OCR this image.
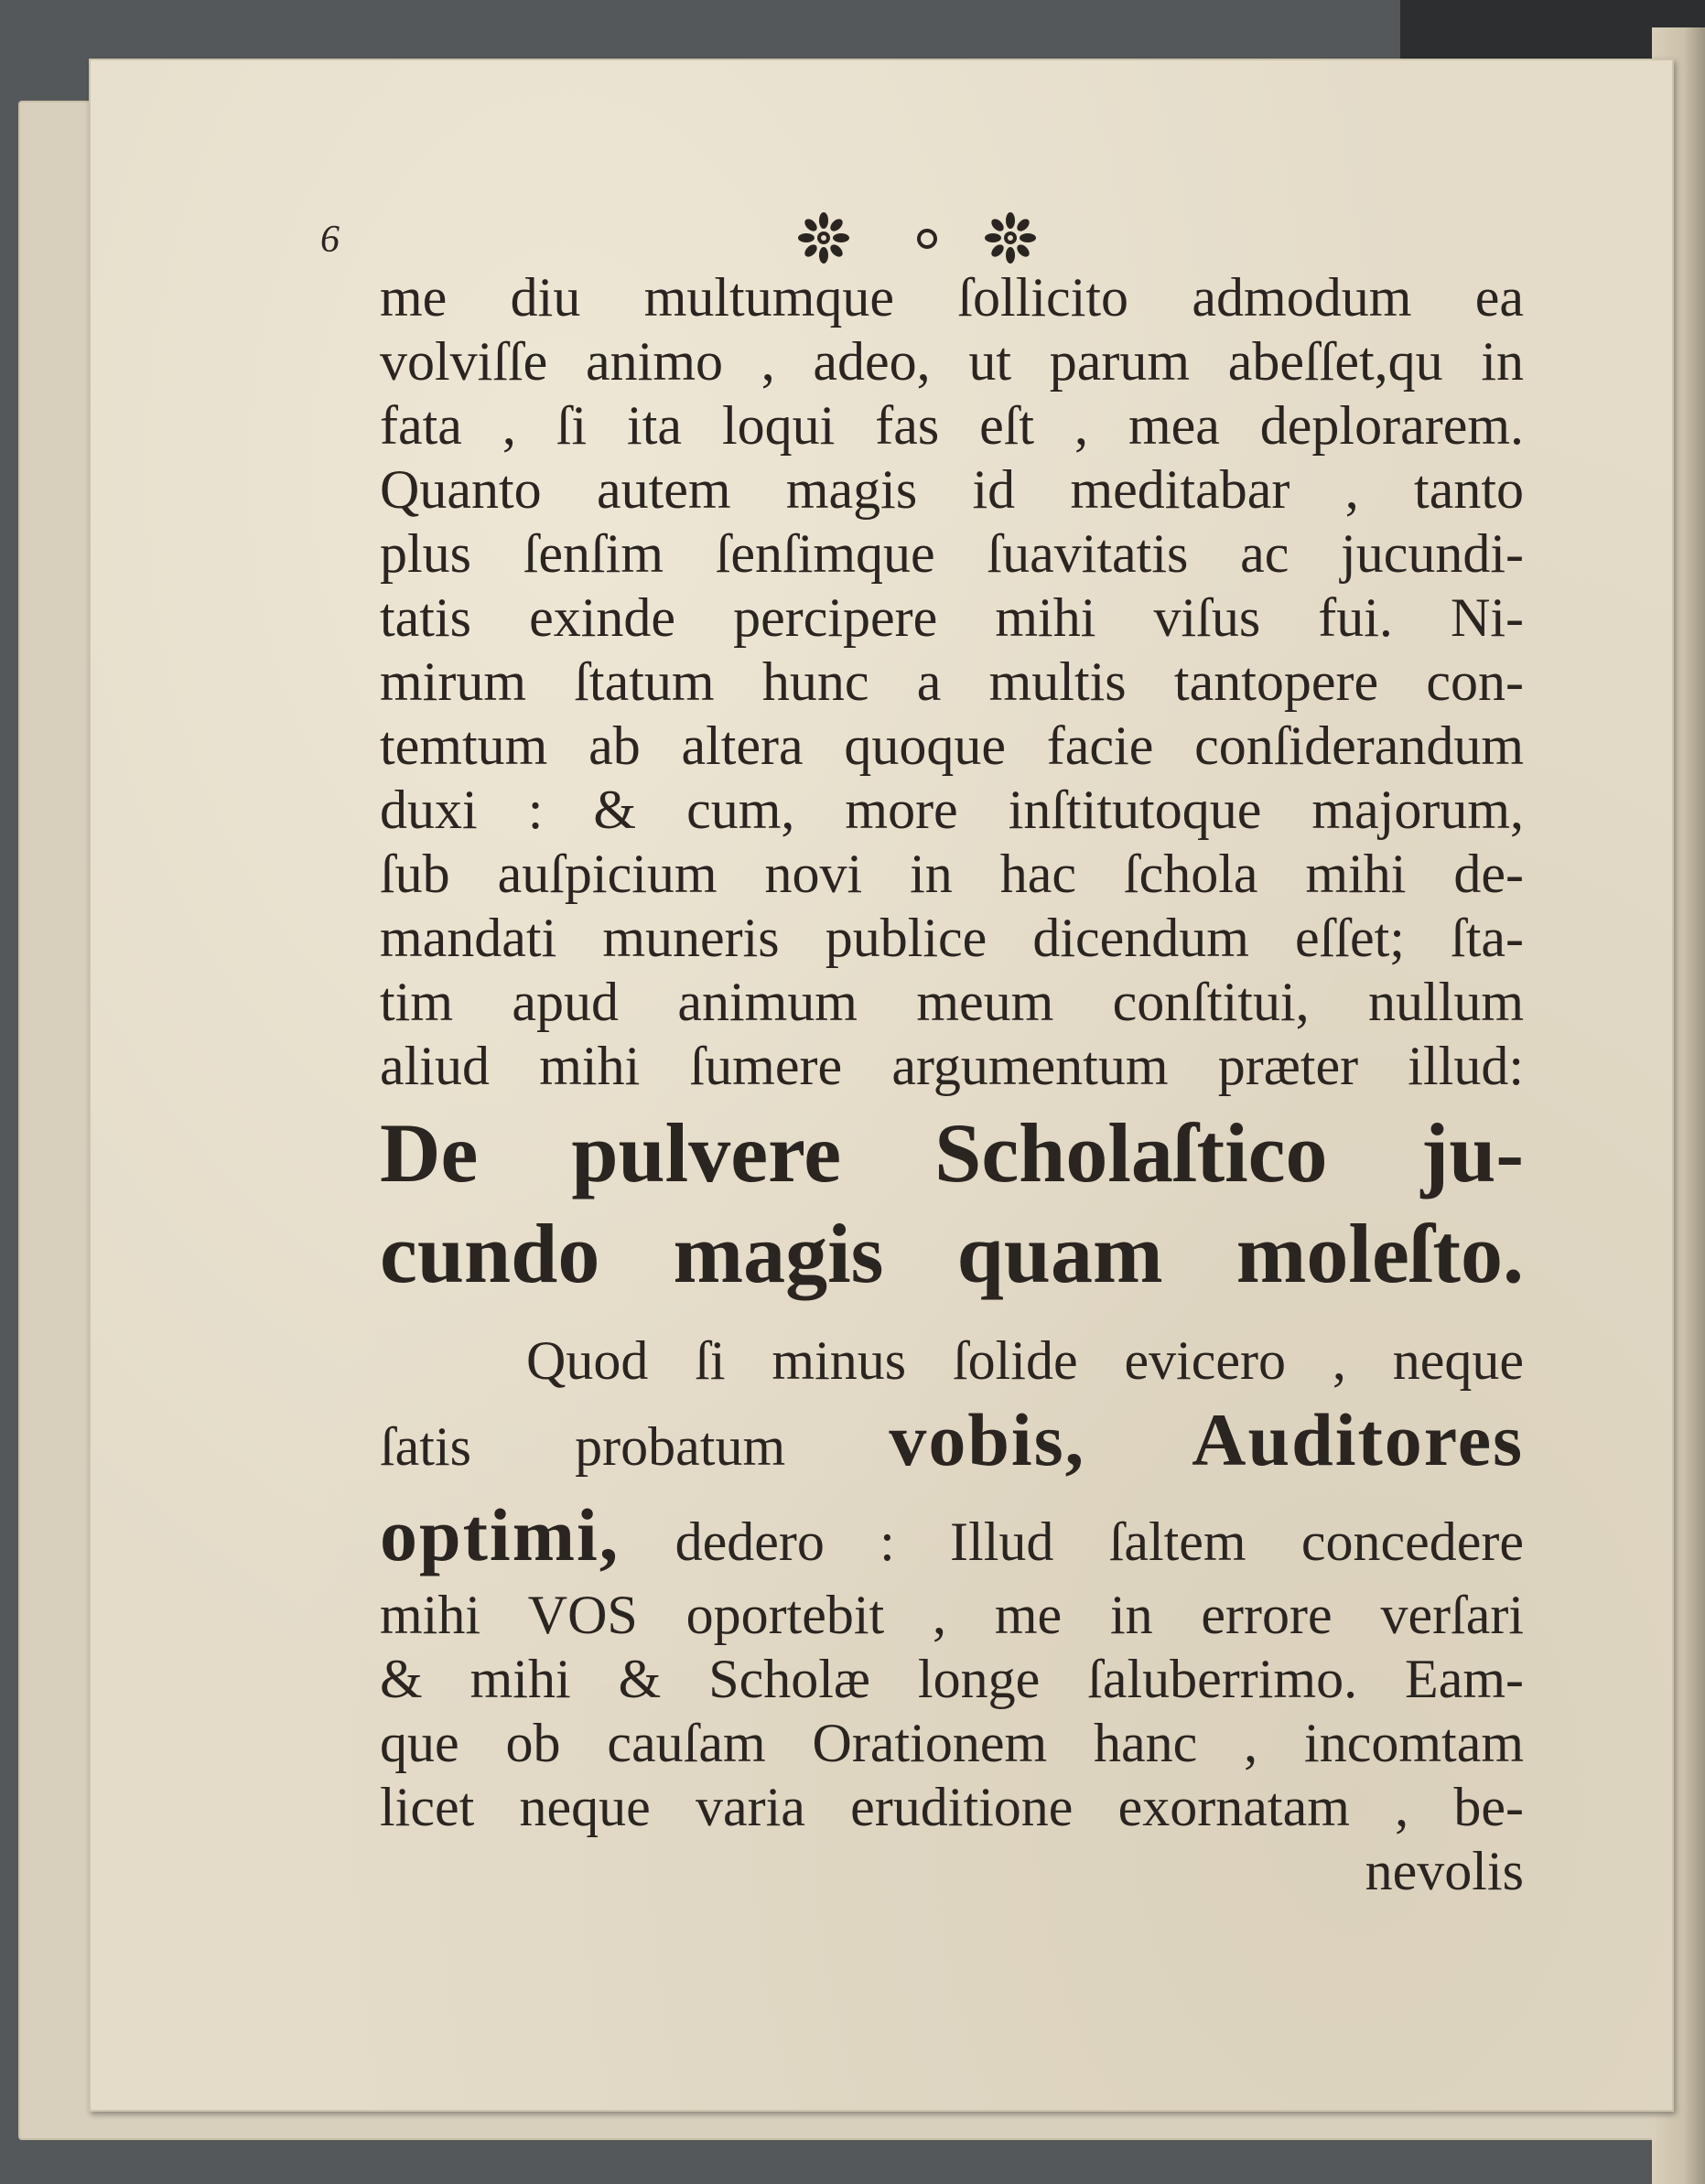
6
me diu multumque ſollicito admodum ea
volviſſe animo , adeo, ut parum abeſſet,qu in
fata , ſi ita loqui fas eſt , mea deplorarem.
Quanto autem magis id meditabar , tanto
plus ſenſim ſenſimque ſuavitatis ac jucundi-
tatis exinde percipere mihi viſus fui. Ni-
mirum ſtatum hunc a multis tantopere con-
temtum ab altera quoque facie conſiderandum
duxi : & cum, more inſtitutoque majorum,
ſub auſpicium novi in hac ſchola mihi de-
mandati muneris publice dicendum eſſet; ſta-
tim apud animum meum conſtitui, nullum
aliud mihi ſumere argumentum præter illud:
De pulvere Scholaſtico ju-
cundo magis quam moleſto.
Quod ſi minus ſolide evicero , neque
ſatis probatum vobis, Auditores
optimi, dedero : Illud ſaltem concedere
mihi VOS oportebit , me in errore verſari
& mihi & Scholæ longe ſaluberrimo. Eam-
que ob cauſam Orationem hanc , incomtam
licet neque varia eruditione exornatam , be-
nevolis
